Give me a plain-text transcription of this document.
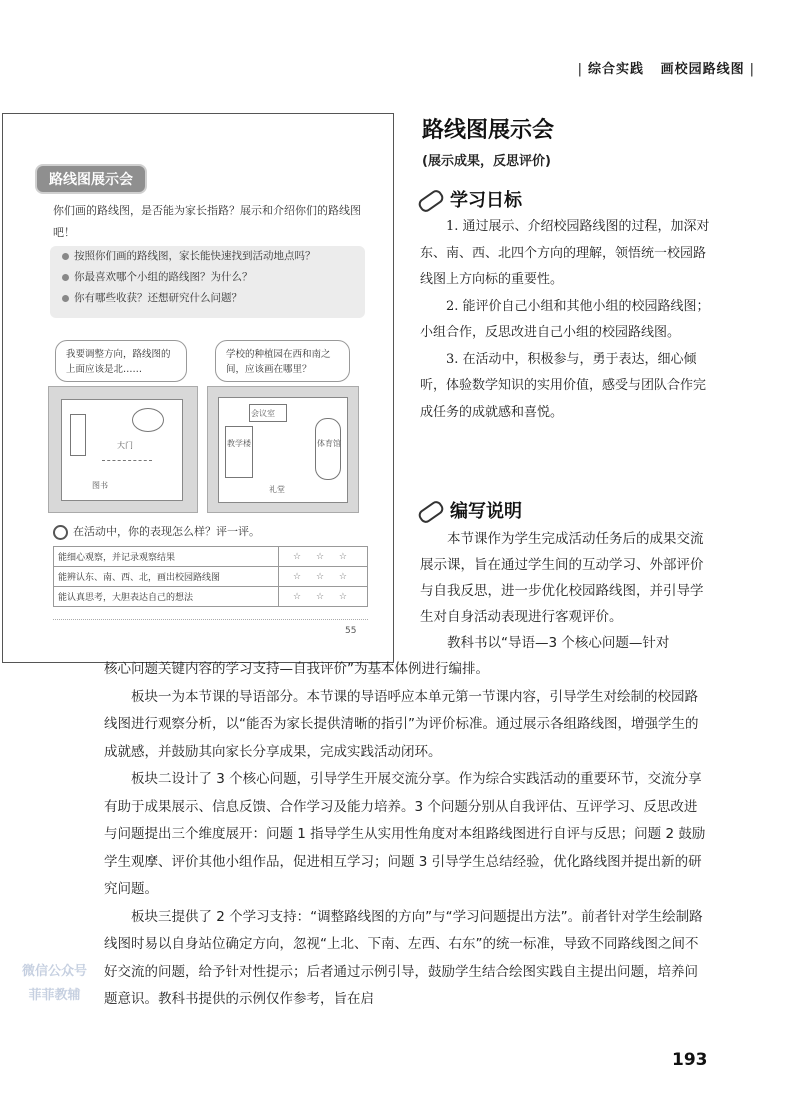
| 综合实践 画校园路线图 |
路线图展示会
你们画的路线图，是否能为家长指路？展示和介绍你们的路线图吧！
按照你们画的路线图，家长能快速找到活动地点吗？
你最喜欢哪个小组的路线图？为什么？
你有哪些收获？还想研究什么问题？
我要调整方向，路线图的上面应该是北……
学校的种植园在西和南之间，应该画在哪里？
图书
大门
会议室
教学楼	体育馆
礼堂
在活动中，你的表现怎么样？评一评。
能细心观察，并记录观察结果	☆ ☆ ☆
能辨认东、南、西、北，画出校园路线图	☆ ☆ ☆
能认真思考，大胆表达自己的想法	☆ ☆ ☆
55
路线图展示会
(展示成果，反思评价)
学习日标

1. 通过展示、介绍校园路线图的过程，加深对东、南、西、北四个方向的理解，领悟统一校园路线图上方向标的重要性。

2. 能评价自己小组和其他小组的校园路线图；小组合作，反思改进自己小组的校园路线图。

3. 在活动中，积极参与，勇于表达，细心倾听，体验数学知识的实用价值，感受与团队合作完成任务的成就感和喜悦。

编写说明

本节课作为学生完成活动任务后的成果交流展示课，旨在通过学生间的互动学习、外部评价与自我反思，进一步优化校园路线图，并引导学生对自身活动表现进行客观评价。

教科书以“导语—3 个核心问题—针对

核心问题关键内容的学习支持—自我评价”为基本体例进行编排。

板块一为本节课的导语部分。本节课的导语呼应本单元第一节课内容，引导学生对绘制的校园路线图进行观察分析，以“能否为家长提供清晰的指引”为评价标准。通过展示各组路线图，增强学生的成就感，并鼓励其向家长分享成果，完成实践活动闭环。

板块二设计了 3 个核心问题，引导学生开展交流分享。作为综合实践活动的重要环节，交流分享有助于成果展示、信息反馈、合作学习及能力培养。3 个问题分别从自我评估、互评学习、反思改进与问题提出三个维度展开：问题 1 指导学生从实用性角度对本组路线图进行自评与反思；问题 2 鼓励学生观摩、评价其他小组作品，促进相互学习；问题 3 引导学生总结经验，优化路线图并提出新的研究问题。

板块三提供了 2 个学习支持：“调整路线图的方向”与“学习问题提出方法”。前者针对学生绘制路线图时易以自身站位确定方向，忽视“上北、下南、左西、右东”的统一标准，导致不同路线图之间不好交流的问题，给予针对性提示；后者通过示例引导，鼓励学生结合绘图实践自主提出问题，培养问题意识。教科书提供的示例仅作参考，旨在启

微信公众号
菲菲教辅
193
